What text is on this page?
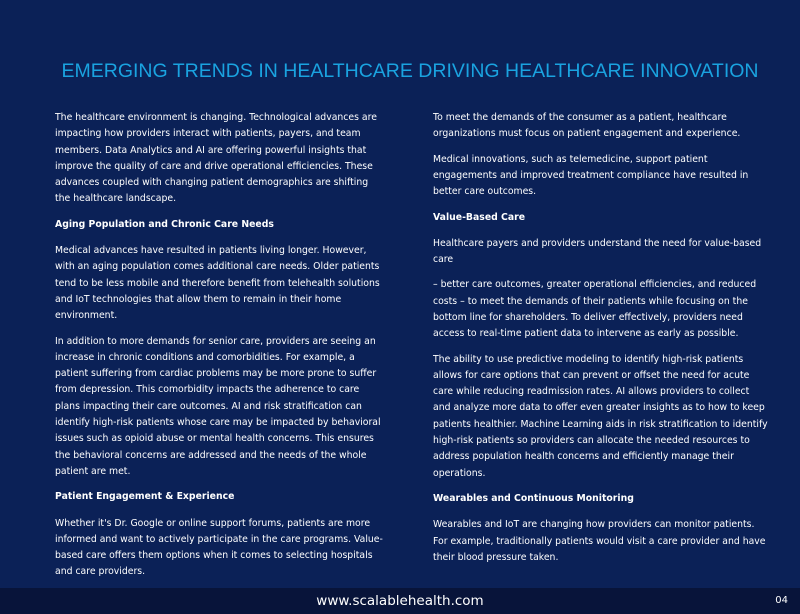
EMERGING TRENDS IN HEALTHCARE DRIVING HEALTHCARE INNOVATION

The healthcare environment is changing. Technological advances are impacting how providers interact with patients, payers, and team members. Data Analytics and AI are offering powerful insights that improve the quality of care and drive operational efficiencies. These advances coupled with changing patient demographics are shifting the healthcare landscape.

Aging Population and Chronic Care Needs

Medical advances have resulted in patients living longer. However, with an aging population comes additional care needs. Older patients tend to be less mobile and therefore benefit from telehealth solutions and IoT technologies that allow them to remain in their home environment.

In addition to more demands for senior care, providers are seeing an increase in chronic conditions and comorbidities. For example, a patient suffering from cardiac problems may be more prone to suffer from depression. This comorbidity impacts the adherence to care plans impacting their care outcomes. AI and risk stratification can identify high-risk patients whose care may be impacted by behavioral issues such as opioid abuse or mental health concerns. This ensures the behavioral concerns are addressed and the needs of the whole patient are met.

Patient Engagement & Experience

Whether it's Dr. Google or online support forums, patients are more informed and want to actively participate in the care programs. Value-based care offers them options when it comes to selecting hospitals and care providers.

To meet the demands of the consumer as a patient, healthcare organizations must focus on patient engagement and experience.

Medical innovations, such as telemedicine, support patient engagements and improved treatment compliance have resulted in better care outcomes.

Value-Based Care

Healthcare payers and providers understand the need for value-based care

– better care outcomes, greater operational efficiencies, and reduced costs – to meet the demands of their patients while focusing on the bottom line for shareholders. To deliver effectively, providers need access to real-time patient data to intervene as early as possible.

The ability to use predictive modeling to identify high-risk patients allows for care options that can prevent or offset the need for acute care while reducing readmission rates. AI allows providers to collect and analyze more data to offer even greater insights as to how to keep patients healthier. Machine Learning aids in risk stratification to identify high-risk patients so providers can allocate the needed resources to address population health concerns and efficiently manage their operations.

Wearables and Continuous Monitoring

Wearables and IoT are changing how providers can monitor patients. For example, traditionally patients would visit a care provider and have their blood pressure taken.

www.scalablehealth.com	04
